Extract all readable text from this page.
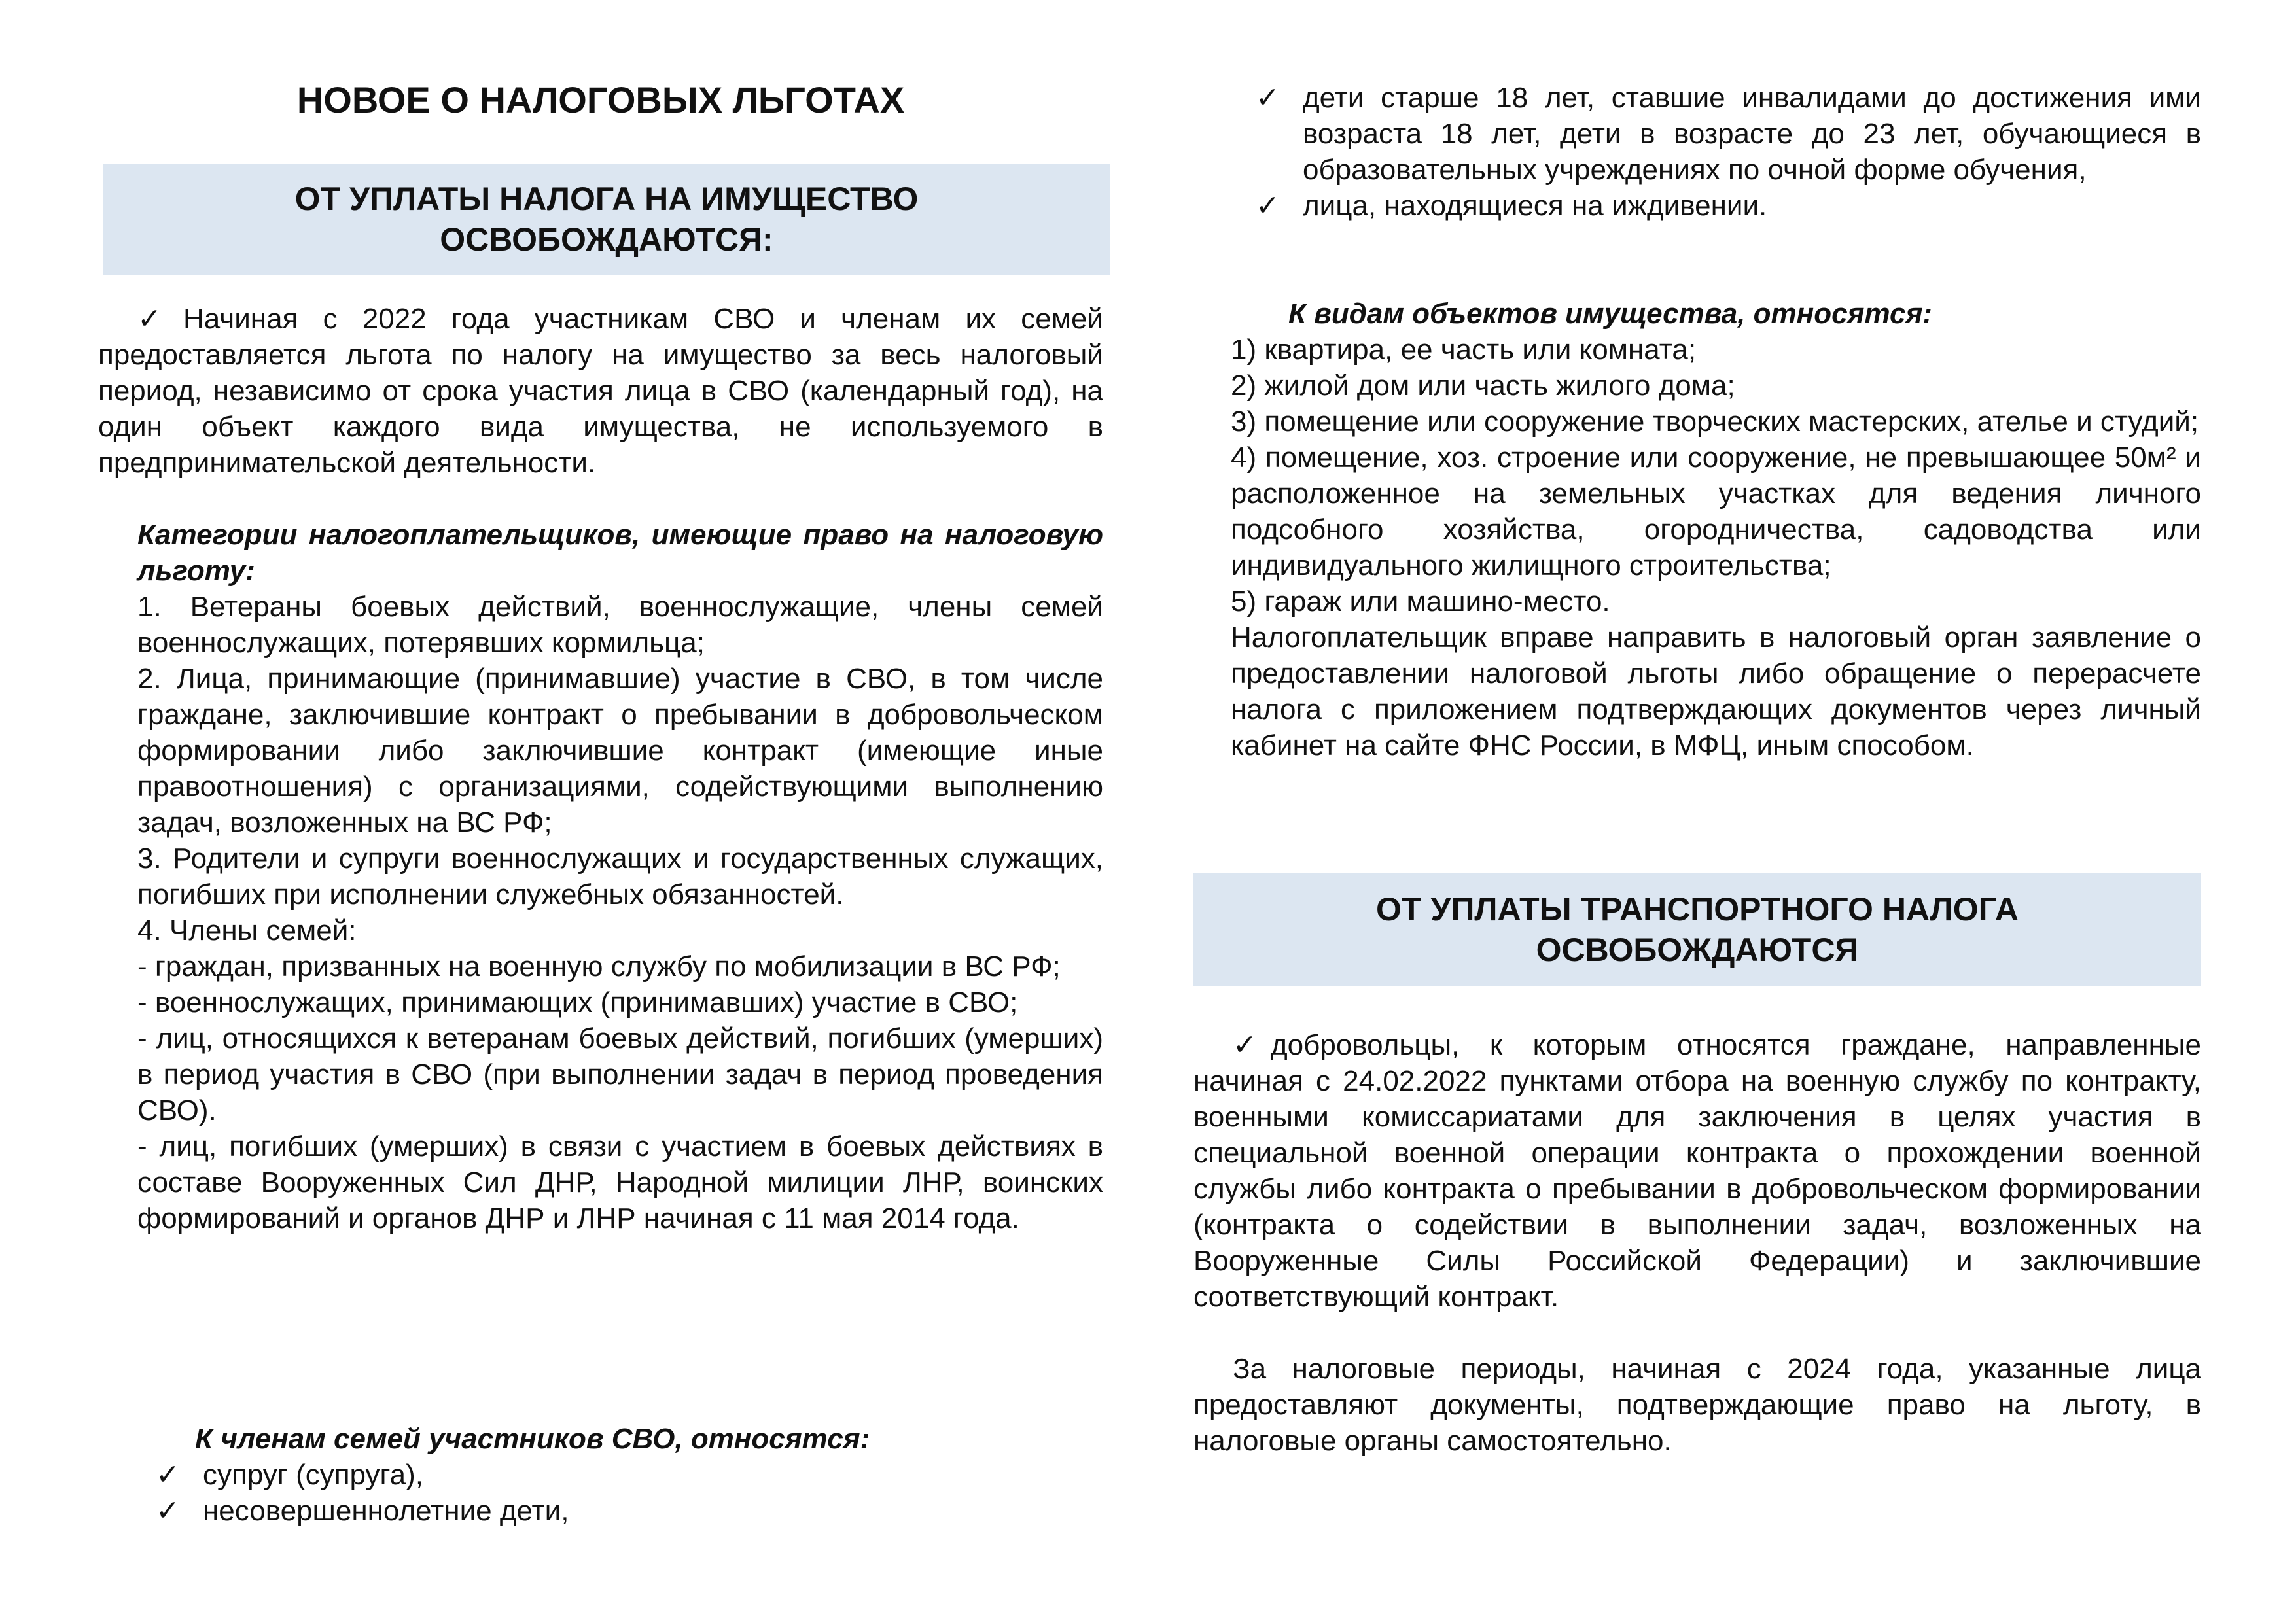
НОВОЕ О НАЛОГОВЫХ ЛЬГОТАХ
ОТ УПЛАТЫ НАЛОГА НА ИМУЩЕСТВО
ОСВОБОЖДАЮТСЯ:

✓ Начиная с 2022 года участникам СВО и членам их семей предоставляется льгота по налогу на имущество за весь налоговый период, независимо от срока участия лица в СВО (календарный год), на один объект каждого вида имущества, не используемого в предпринимательской деятельности.

Категории налогоплательщиков, имеющие право на налоговую льготу:
1. Ветераны боевых действий, военнослужащие, члены семей военнослужащих, потерявших кормильца;
2. Лица, принимающие (принимавшие) участие в СВО, в том числе граждане, заключившие контракт о пребывании в добровольческом формировании либо заключившие контракт (имеющие иные правоотношения) с организациями, содействующими выполнению задач, возложенных на ВС РФ;
3. Родители и супруги военнослужащих и государственных служащих, погибших при исполнении служебных обязанностей.
4. Члены семей:
- граждан, призванных на военную службу по мобилизации в ВС РФ;
- военнослужащих, принимающих (принимавших) участие в СВО;
- лиц, относящихся к ветеранам боевых действий, погибших (умерших) в период участия в СВО (при выполнении задач в период проведения СВО).
- лиц, погибших (умерших) в связи с участием в боевых действиях в составе Вооруженных Сил ДНР, Народной милиции ЛНР, воинских формирований и органов ДНР и ЛНР начиная с 11 мая 2014 года.
К членам семей участников СВО, относятся:
✓ супруг (супруга),
✓ несовершеннолетние дети,
✓ дети старше 18 лет, ставшие инвалидами до достижения ими возраста 18 лет, дети в возрасте до 23 лет, обучающиеся в образовательных учреждениях по очной форме обучения,
✓ лица, находящиеся на иждивении.
К видам объектов имущества, относятся:
1) квартира, ее часть или комната;
2) жилой дом или часть жилого дома;
3) помещение или сооружение творческих мастерских, ателье и студий;
4) помещение, хоз. строение или сооружение, не превышающее 50м² и расположенное на земельных участках для ведения личного подсобного хозяйства, огородничества, садоводства или индивидуального жилищного строительства;
5) гараж или машино-место.
Налогоплательщик вправе направить в налоговый орган заявление о предоставлении налоговой льготы либо обращение о перерасчете налога с приложением подтверждающих документов через личный кабинет на сайте ФНС России, в МФЦ, иным способом.
ОТ УПЛАТЫ ТРАНСПОРТНОГО НАЛОГА
ОСВОБОЖДАЮТСЯ

✓ добровольцы, к которым относятся граждане, направленные начиная с 24.02.2022 пунктами отбора на военную службу по контракту, военными комиссариатами для заключения в целях участия в специальной военной операции контракта о прохождении военной службы либо контракта о пребывании в добровольческом формировании (контракта о содействии в выполнении задач, возложенных на Вооруженные Силы Российской Федерации) и заключившие соответствующий контракт.

За налоговые периоды, начиная с 2024 года, указанные лица предоставляют документы, подтверждающие право на льготу, в налоговые органы самостоятельно.
